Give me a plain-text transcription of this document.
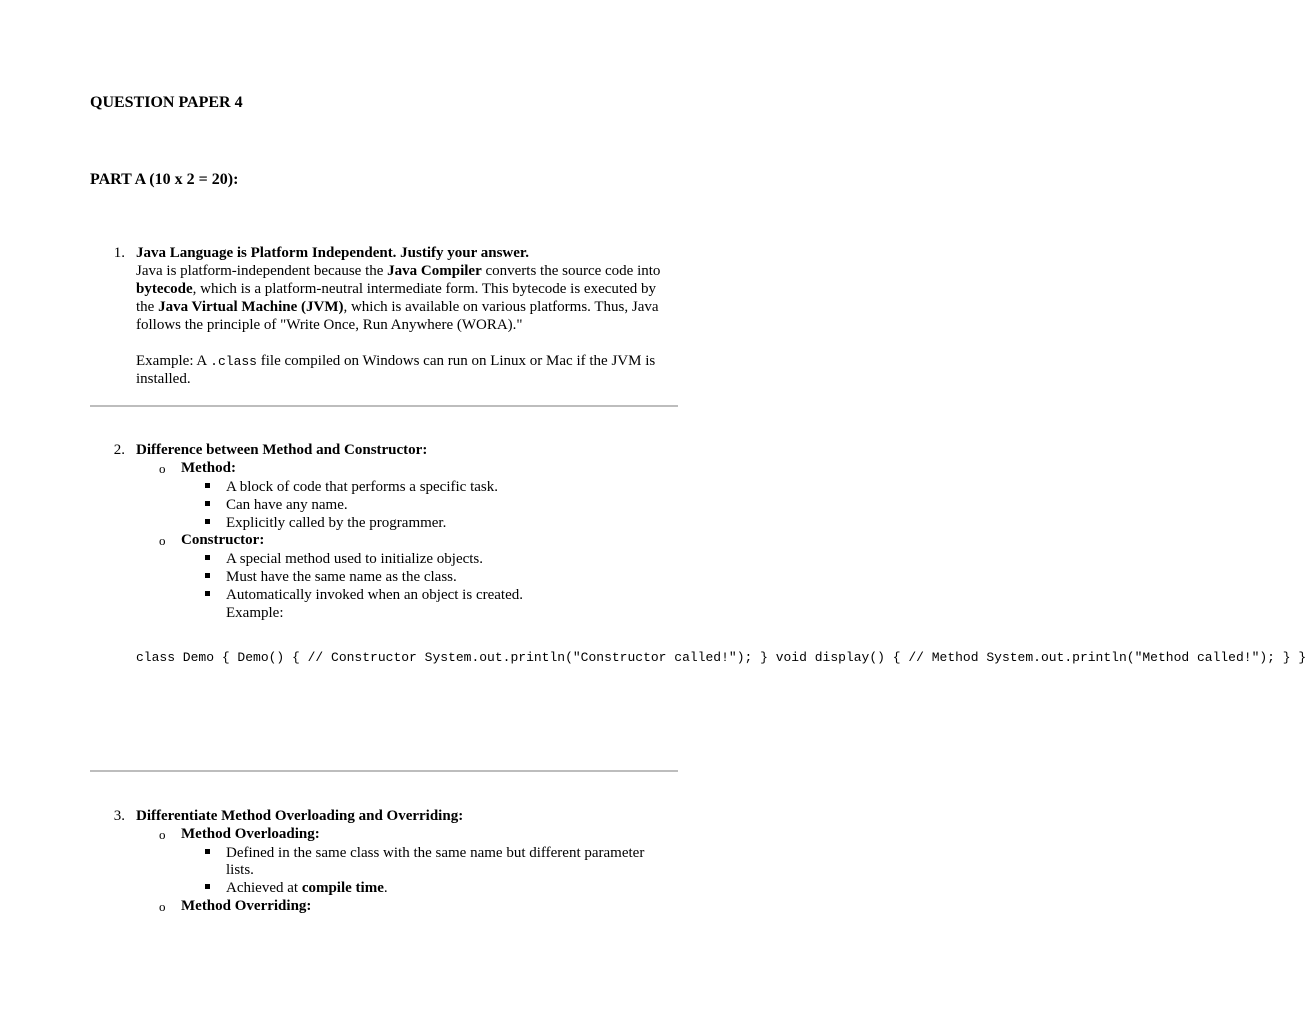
QUESTION PAPER 4
PART A (10 x 2 = 20):
1. Java Language is Platform Independent. Justify your answer.
Java is platform-independent because the Java Compiler converts the source code into
bytecode, which is a platform-neutral intermediate form. This bytecode is executed by
the Java Virtual Machine (JVM), which is available on various platforms. Thus, Java
follows the principle of "Write Once, Run Anywhere (WORA)."
Example: A .class file compiled on Windows can run on Linux or Mac if the JVM is
installed.
2. Difference between Method and Constructor:
o Method:
A block of code that performs a specific task.
Can have any name.
Explicitly called by the programmer.
o Constructor:
A special method used to initialize objects.
Must have the same name as the class.
Automatically invoked when an object is created.
Example:
class Demo { Demo() { // Constructor System.out.println("Constructor called!"); } void display() { // Method System.out.println("Method called!"); } }
3. Differentiate Method Overloading and Overriding:
o Method Overloading:
Defined in the same class with the same name but different parameter
lists.
Achieved at compile time.
o Method Overriding:
